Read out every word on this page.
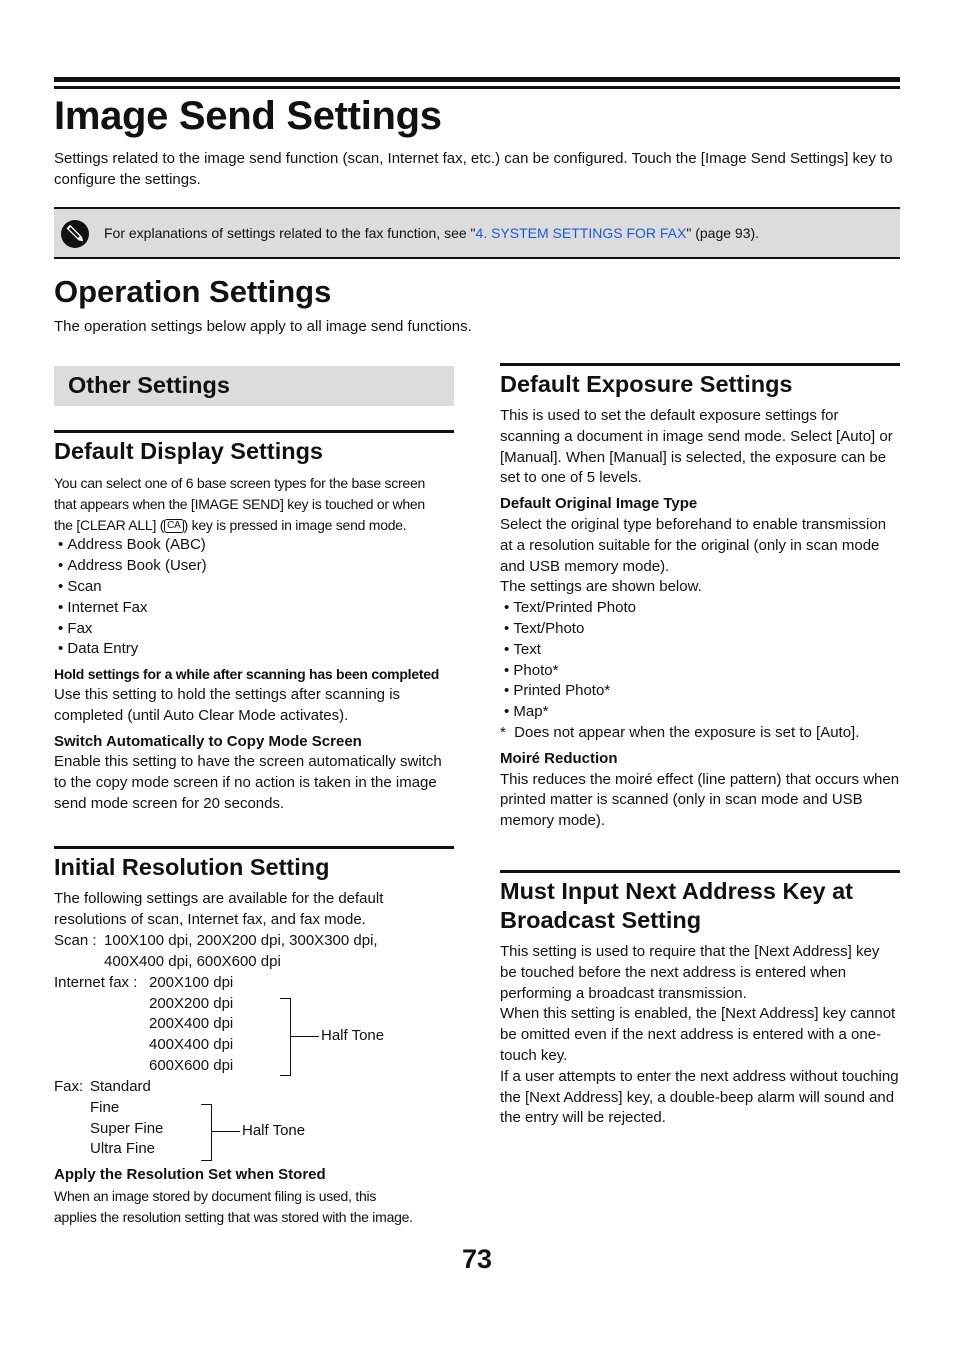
Image Send Settings

Settings related to the image send function (scan, Internet fax, etc.) can be configured. Touch the [Image Send Settings] key to configure the settings.

For explanations of settings related to the fax function, see "4. SYSTEM SETTINGS FOR FAX" (page 93).

Operation Settings

The operation settings below apply to all image send functions.

Other Settings
Default Display Settings

You can select one of 6 base screen types for the base screen

that appears when the [IMAGE SEND] key is touched or when

the [CLEAR ALL] ( CA ) key is pressed in image send mode.

• Address Book (ABC)
• Address Book (User)
• Scan
• Internet Fax
• Fax
• Data Entry

Hold settings for a while after scanning has been completed

Use this setting to hold the settings after scanning is completed (until Auto Clear Mode activates).

Switch Automatically to Copy Mode Screen

Enable this setting to have the screen automatically switch to the copy mode screen if no action is taken in the image send mode screen for 20 seconds.

Initial Resolution Setting

The following settings are available for the default resolutions of scan, Internet fax, and fax mode.

Scan : 100X100 dpi, 200X200 dpi, 300X300 dpi,

400X400 dpi, 600X600 dpi

Internet fax : 200X100 dpi

200X200 dpi

200X400 dpi

400X400 dpi

600X600 dpi

Half Tone

Fax: Standard

Fine

Super Fine

Ultra Fine

Half Tone

Apply the Resolution Set when Stored

When an image stored by document filing is used, this

applies the resolution setting that was stored with the image.

Default Exposure Settings

This is used to set the default exposure settings for scanning a document in image send mode. Select [Auto] or [Manual]. When [Manual] is selected, the exposure can be set to one of 5 levels.

Default Original Image Type

Select the original type beforehand to enable transmission at a resolution suitable for the original (only in scan mode and USB memory mode).

The settings are shown below.

• Text/Printed Photo
• Text/Photo
• Text
• Photo*
• Printed Photo*
• Map*

*  Does not appear when the exposure is set to [Auto].

Moiré Reduction

This reduces the moiré effect (line pattern) that occurs when printed matter is scanned (only in scan mode and USB memory mode).

Must Input Next Address Key at Broadcast Setting

This setting is used to require that the [Next Address] key be touched before the next address is entered when performing a broadcast transmission.

When this setting is enabled, the [Next Address] key cannot be omitted even if the next address is entered with a one-touch key.

If a user attempts to enter the next address without touching the [Next Address] key, a double-beep alarm will sound and the entry will be rejected.

73
